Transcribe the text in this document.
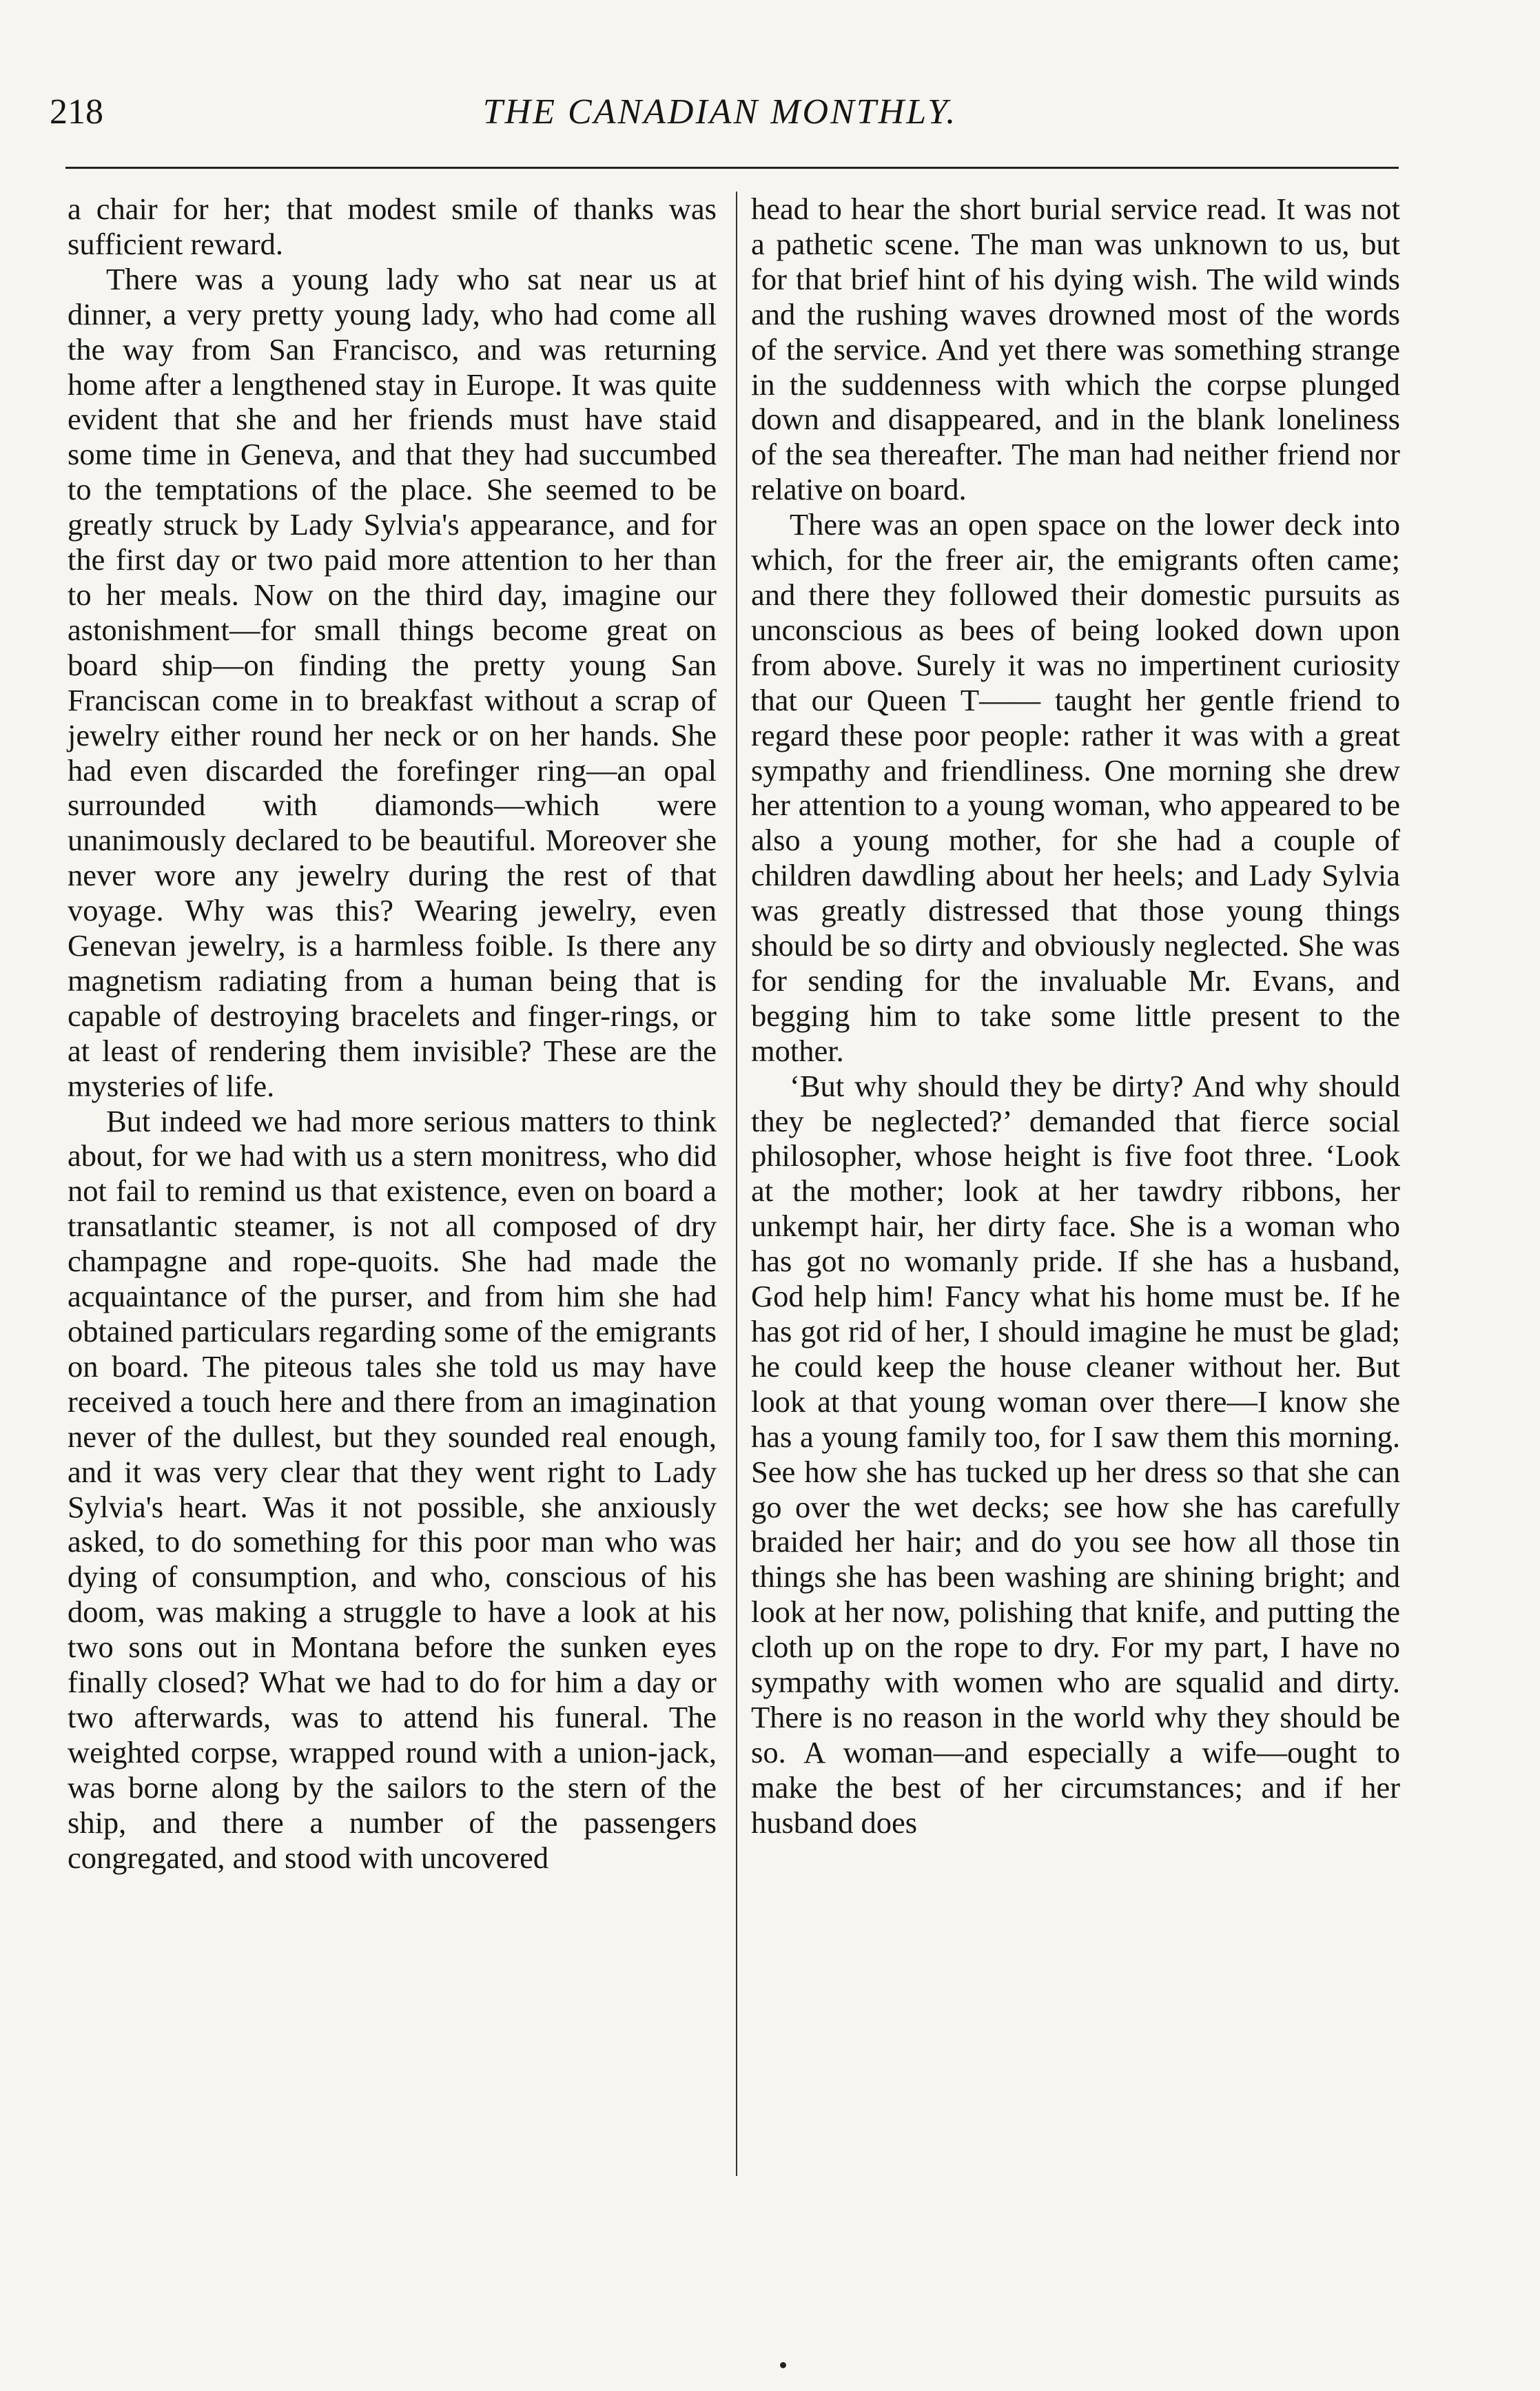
218	THE CANADIAN MONTHLY.

a chair for her; that modest smile of thanks was sufficient reward.

There was a young lady who sat near us at dinner, a very pretty young lady, who had come all the way from San Francisco, and was returning home after a lengthened stay in Europe. It was quite evident that she and her friends must have staid some time in Geneva, and that they had succumbed to the temptations of the place. She seemed to be greatly struck by Lady Sylvia's appearance, and for the first day or two paid more attention to her than to her meals. Now on the third day, imagine our astonishment—for small things become great on board ship—on finding the pretty young San Franciscan come in to breakfast without a scrap of jewelry either round her neck or on her hands. She had even discarded the forefinger ring—an opal surrounded with diamonds—which were unanimously declared to be beautiful. Moreover she never wore any jewelry during the rest of that voyage. Why was this? Wearing jewelry, even Genevan jewelry, is a harmless foible. Is there any magnetism radiating from a human being that is capable of destroying bracelets and finger-rings, or at least of rendering them invisible? These are the mysteries of life.

But indeed we had more serious matters to think about, for we had with us a stern monitress, who did not fail to remind us that existence, even on board a transatlantic steamer, is not all composed of dry champagne and rope-quoits. She had made the acquaintance of the purser, and from him she had obtained particulars regarding some of the emigrants on board. The piteous tales she told us may have received a touch here and there from an imagination never of the dullest, but they sounded real enough, and it was very clear that they went right to Lady Sylvia's heart. Was it not possible, she anxiously asked, to do something for this poor man who was dying of consumption, and who, conscious of his doom, was making a struggle to have a look at his two sons out in Montana before the sunken eyes finally closed? What we had to do for him a day or two afterwards, was to attend his funeral. The weighted corpse, wrapped round with a union-jack, was borne along by the sailors to the stern of the ship, and there a number of the passengers congregated, and stood with uncovered

head to hear the short burial service read. It was not a pathetic scene. The man was unknown to us, but for that brief hint of his dying wish. The wild winds and the rushing waves drowned most of the words of the service. And yet there was something strange in the suddenness with which the corpse plunged down and disappeared, and in the blank loneliness of the sea thereafter. The man had neither friend nor relative on board.

There was an open space on the lower deck into which, for the freer air, the emigrants often came; and there they followed their domestic pursuits as unconscious as bees of being looked down upon from above. Surely it was no impertinent curiosity that our Queen T—— taught her gentle friend to regard these poor people: rather it was with a great sympathy and friendliness. One morning she drew her attention to a young woman, who appeared to be also a young mother, for she had a couple of children dawdling about her heels; and Lady Sylvia was greatly distressed that those young things should be so dirty and obviously neglected. She was for sending for the invaluable Mr. Evans, and begging him to take some little present to the mother.

‘But why should they be dirty? And why should they be neglected?’ demanded that fierce social philosopher, whose height is five foot three. ‘Look at the mother; look at her tawdry ribbons, her unkempt hair, her dirty face. She is a woman who has got no womanly pride. If she has a husband, God help him! Fancy what his home must be. If he has got rid of her, I should imagine he must be glad; he could keep the house cleaner without her. But look at that young woman over there—I know she has a young family too, for I saw them this morning. See how she has tucked up her dress so that she can go over the wet decks; see how she has carefully braided her hair; and do you see how all those tin things she has been washing are shining bright; and look at her now, polishing that knife, and putting the cloth up on the rope to dry. For my part, I have no sympathy with women who are squalid and dirty. There is no reason in the world why they should be so. A woman—and especially a wife—ought to make the best of her circumstances; and if her husband does
